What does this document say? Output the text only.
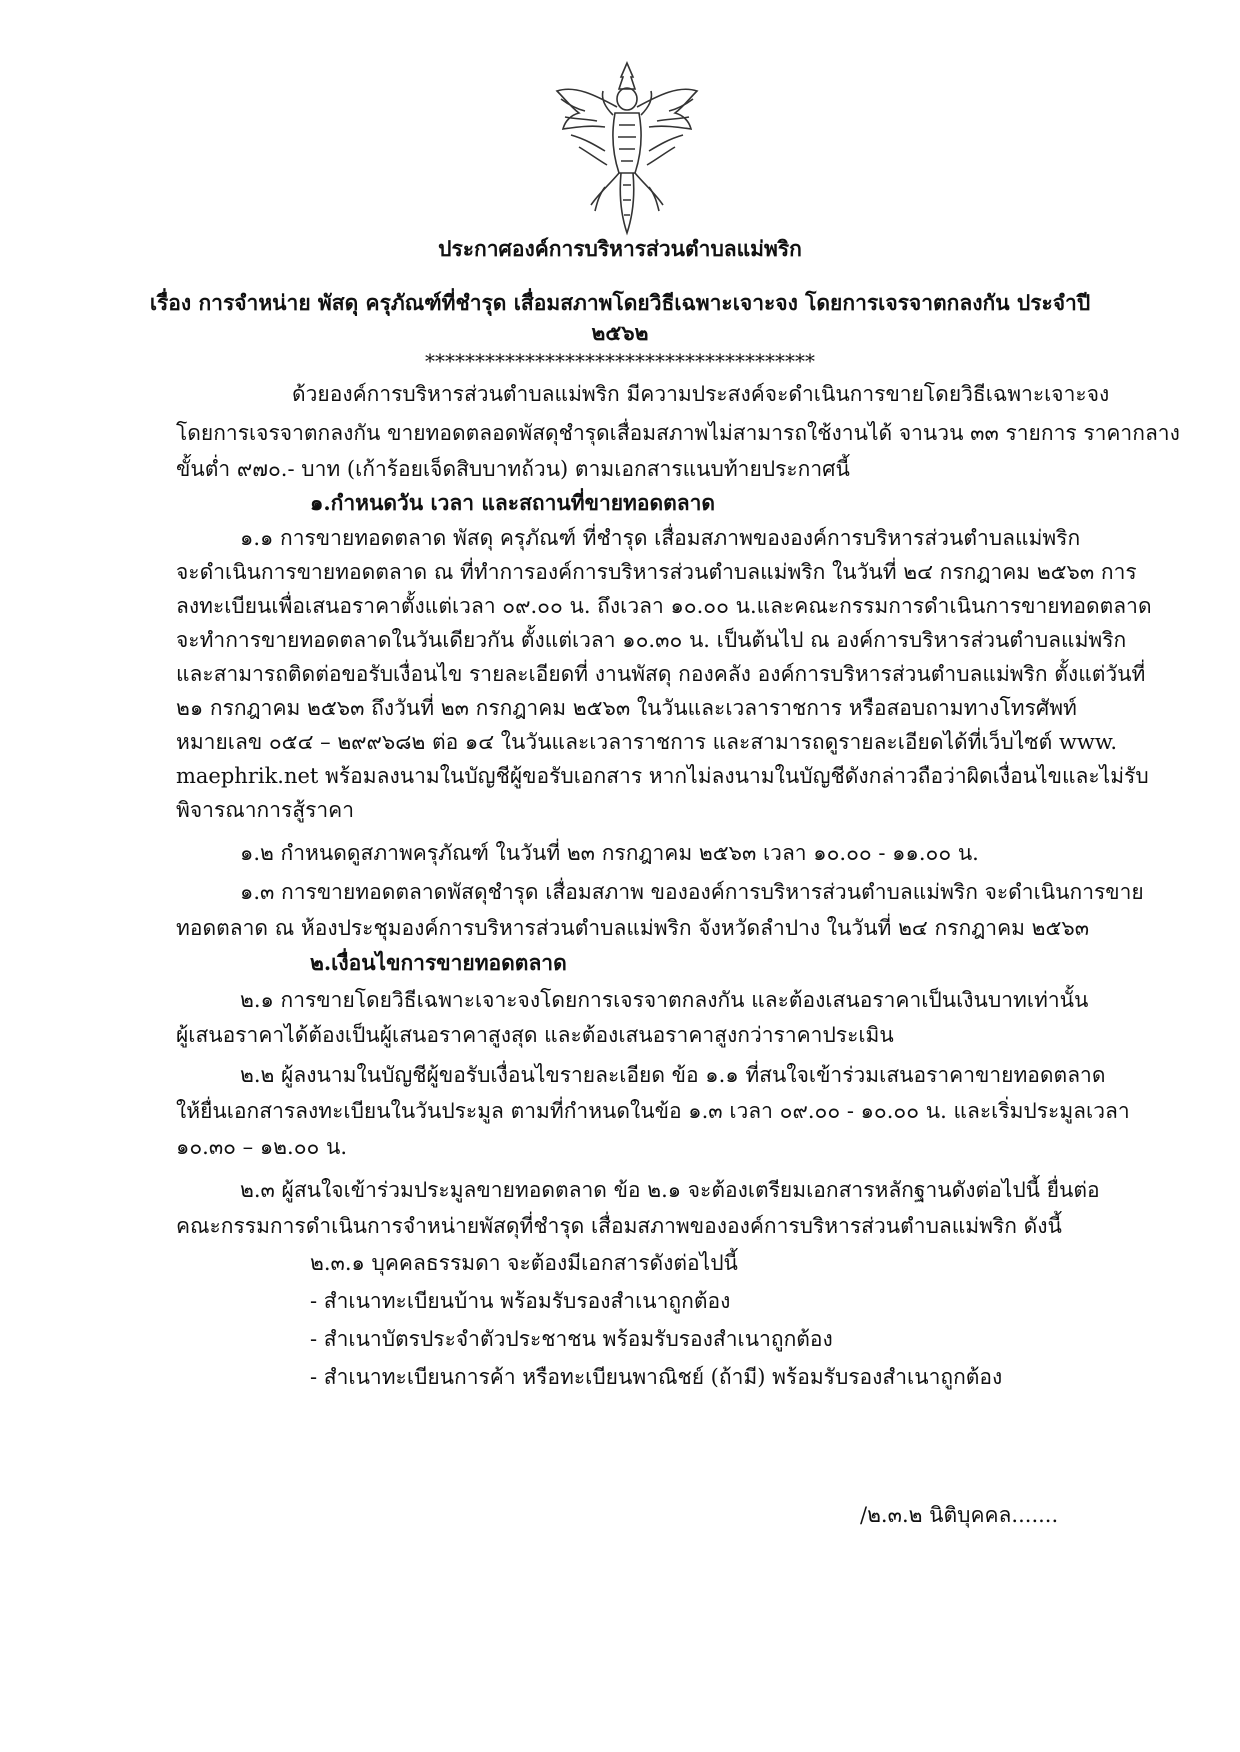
ประกาศองค์การบริหารส่วนตำบลแม่พริก
เรื่อง การจำหน่าย พัสดุ ครุภัณฑ์ที่ชำรุด เสื่อมสภาพโดยวิธีเฉพาะเจาะจง โดยการเจรจาตกลงกัน ประจำปี
๒๕๖๒
***************************************
ด้วยองค์การบริหารส่วนตำบลแม่พริก มีความประสงค์จะดำเนินการขายโดยวิธีเฉพาะเจาะจง
โดยการเจรจาตกลงกัน ขายทอดตลอดพัสดุชำรุดเสื่อมสภาพไม่สามารถใช้งานได้ จานวน ๓๓ รายการ ราคากลาง
ขั้นต่ำ ๙๗๐.- บาท (เก้าร้อยเจ็ดสิบบาทถ้วน) ตามเอกสารแนบท้ายประกาศนี้
๑.กำหนดวัน เวลา และสถานที่ขายทอดตลาด
๑.๑ การขายทอดตลาด พัสดุ ครุภัณฑ์ ที่ชำรุด เสื่อมสภาพขององค์การบริหารส่วนตำบลแม่พริก
จะดำเนินการขายทอดตลาด ณ ที่ทำการองค์การบริหารส่วนตำบลแม่พริก ในวันที่ ๒๔ กรกฎาคม ๒๕๖๓ การ
ลงทะเบียนเพื่อเสนอราคาตั้งแต่เวลา ๐๙.๐๐ น. ถึงเวลา ๑๐.๐๐ น.และคณะกรรมการดำเนินการขายทอดตลาด
จะทำการขายทอดตลาดในวันเดียวกัน ตั้งแต่เวลา ๑๐.๓๐ น. เป็นต้นไป ณ องค์การบริหารส่วนตำบลแม่พริก
และสามารถติดต่อขอรับเงื่อนไข รายละเอียดที่ งานพัสดุ กองคลัง องค์การบริหารส่วนตำบลแม่พริก ตั้งแต่วันที่
๒๑ กรกฎาคม ๒๕๖๓ ถึงวันที่ ๒๓ กรกฎาคม ๒๕๖๓ ในวันและเวลาราชการ หรือสอบถามทางโทรศัพท์
หมายเลข ๐๕๔ – ๒๙๙๖๘๒ ต่อ ๑๔ ในวันและเวลาราชการ และสามารถดูรายละเอียดได้ที่เว็บไซต์ www.
maephrik.net พร้อมลงนามในบัญชีผู้ขอรับเอกสาร หากไม่ลงนามในบัญชีดังกล่าวถือว่าผิดเงื่อนไขและไม่รับ
พิจารณาการสู้ราคา
๑.๒ กำหนดดูสภาพครุภัณฑ์ ในวันที่ ๒๓ กรกฎาคม ๒๕๖๓ เวลา ๑๐.๐๐ - ๑๑.๐๐ น.
๑.๓ การขายทอดตลาดพัสดุชำรุด เสื่อมสภาพ ขององค์การบริหารส่วนตำบลแม่พริก จะดำเนินการขาย
ทอดตลาด ณ ห้องประชุมองค์การบริหารส่วนตำบลแม่พริก จังหวัดลำปาง ในวันที่ ๒๔ กรกฎาคม ๒๕๖๓
๒.เงื่อนไขการขายทอดตลาด
๒.๑ การขายโดยวิธีเฉพาะเจาะจงโดยการเจรจาตกลงกัน และต้องเสนอราคาเป็นเงินบาทเท่านั้น
ผู้เสนอราคาได้ต้องเป็นผู้เสนอราคาสูงสุด และต้องเสนอราคาสูงกว่าราคาประเมิน
๒.๒ ผู้ลงนามในบัญชีผู้ขอรับเงื่อนไขรายละเอียด ข้อ ๑.๑ ที่สนใจเข้าร่วมเสนอราคาขายทอดตลาด
ให้ยื่นเอกสารลงทะเบียนในวันประมูล ตามที่กำหนดในข้อ ๑.๓ เวลา ๐๙.๐๐ - ๑๐.๐๐ น. และเริ่มประมูลเวลา
๑๐.๓๐ – ๑๒.๐๐ น.
๒.๓ ผู้สนใจเข้าร่วมประมูลขายทอดตลาด ข้อ ๒.๑ จะต้องเตรียมเอกสารหลักฐานดังต่อไปนี้ ยื่นต่อ
คณะกรรมการดำเนินการจำหน่ายพัสดุที่ชำรุด เสื่อมสภาพขององค์การบริหารส่วนตำบลแม่พริก ดังนี้
๒.๓.๑ บุคคลธรรมดา จะต้องมีเอกสารดังต่อไปนี้
- สำเนาทะเบียนบ้าน พร้อมรับรองสำเนาถูกต้อง
- สำเนาบัตรประจำตัวประชาชน พร้อมรับรองสำเนาถูกต้อง
- สำเนาทะเบียนการค้า หรือทะเบียนพาณิชย์ (ถ้ามี) พร้อมรับรองสำเนาถูกต้อง
/๒.๓.๒ นิติบุคคล.......
